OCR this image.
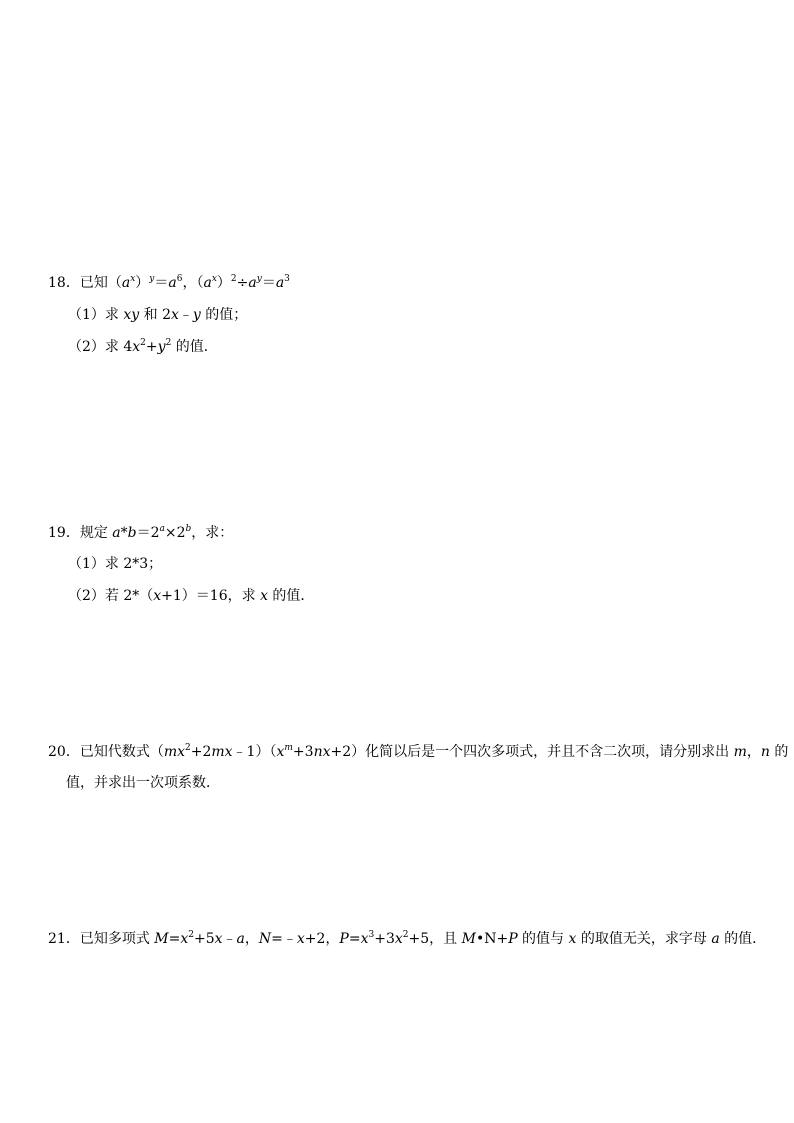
18．已知$(a^x)^y=a^6$，$(a^x)^2\div a^y=a^3$
（1）求 xy 和 2x﹣y 的值；
（2）求 $4x^2+y^2$ 的值．
19．规定 $a*b=2^a\times 2^b$，求：
（1）求 2*3；
（2）若 2*（x+1）＝16，求 x 的值．
20．已知代数式$(mx^2+2mx﹣1)(x^m+3nx+2)$化简以后是一个四次多项式，并且不含二次项，请分别求出 m，n 的
值，并求出一次项系数．
21．已知多项式 $M=x^2+5x﹣a$，N=﹣x+2，$P=x^3+3x^2+5$，且 M•N+P 的值与 x 的取值无关，求字母 a 的值．
